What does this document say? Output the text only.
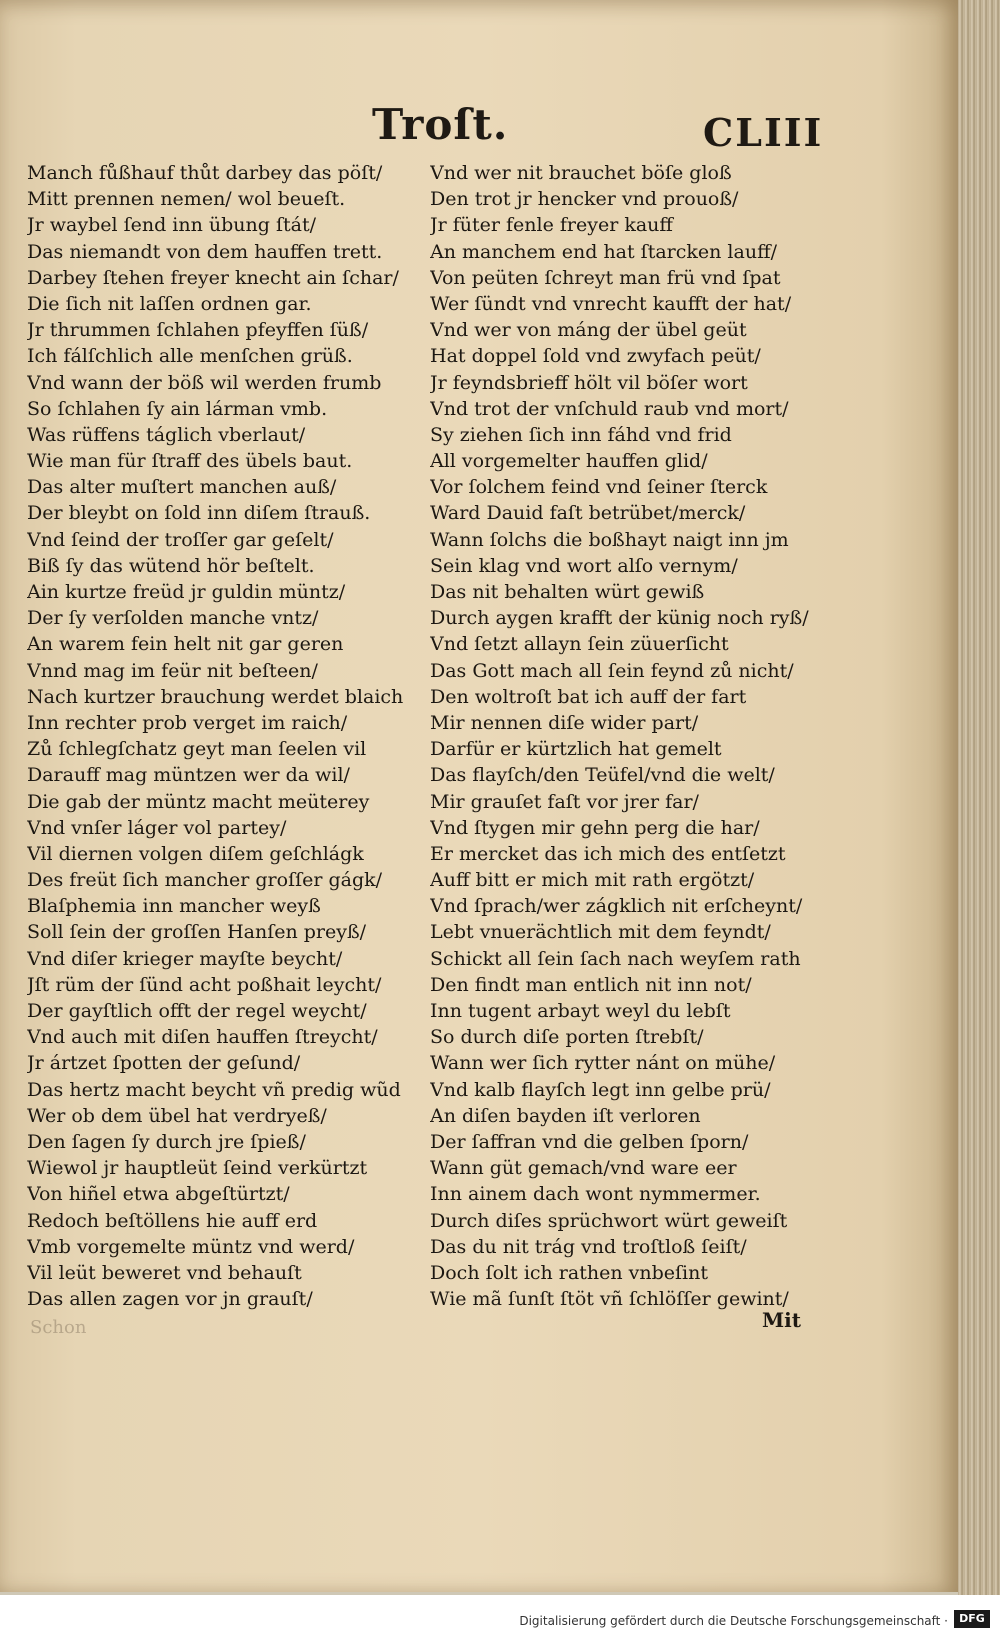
Troſt.	CLIII
Manch fůßhauf thůt darbey das pöſt/
Mitt prennen nemen/ wol beueſt.
Jr waybel ſend inn übung ſtát/
Das niemandt von dem hauffen trett.
Darbey ſtehen freyer knecht ain ſchar/
Die ſich nit laſſen ordnen gar.
Jr thrummen ſchlahen pfeyffen ſüß/
Ich fálſchlich alle menſchen grüß.
Vnd wann der böß wil werden frumb
So ſchlahen ſy ain lárman vmb.
Was rüffens táglich vberlaut/
Wie man für ſtraff des übels baut.
Das alter muſtert manchen auß/
Der bleybt on ſold inn diſem ſtrauß.
Vnd ſeind der troſſer gar geſelt/
Biß ſy das wütend hör beſtelt.
Ain kurtze freüd jr guldin müntz/
Der ſy verſolden manche vntz/
An warem fein helt nit gar geren
Vnnd mag im feür nit beſteen/
Nach kurtzer brauchung werdet blaich
Inn rechter prob verget im raich/
Zů ſchlegſchatz geyt man ſeelen vil
Darauff mag müntzen wer da wil/
Die gab der müntz macht meüterey
Vnd vnſer láger vol partey/
Vil diernen volgen diſem geſchlágk
Des freüt ſich mancher groſſer gágk/
Blaſphemia inn mancher weyß
Soll ſein der groſſen Hanſen preyß/
Vnd diſer krieger mayſte beycht/
Jſt rüm der ſünd acht poßhait leycht/
Der gayſtlich offt der regel weycht/
Vnd auch mit diſen hauffen ſtreycht/
Jr ártzet ſpotten der geſund/
Das hertz macht beycht vñ predig wũd
Wer ob dem übel hat verdryeß/
Den ſagen ſy durch jre ſpieß/
Wiewol jr hauptleüt ſeind verkürtzt
Von hiñel etwa abgeſtürtzt/
Redoch beſtöllens hie auff erd
Vmb vorgemelte müntz vnd werd/
Vil leüt beweret vnd behauſt
Das allen zagen vor jn grauſt/
Vnd wer nit brauchet böſe gloß
Den trot jr hencker vnd prouoß/
Jr füter fenle freyer kauff
An manchem end hat ſtarcken lauff/
Von peüten ſchreyt man frü vnd ſpat
Wer ſündt vnd vnrecht kaufft der hat/
Vnd wer von máng der übel geüt
Hat doppel ſold vnd zwyfach peüt/
Jr feyndsbrieff hölt vil böſer wort
Vnd trot der vnſchuld raub vnd mort/
Sy ziehen ſich inn fáhd vnd frid
All vorgemelter hauffen glid/
Vor ſolchem feind vnd ſeiner ſterck
Ward Dauid faſt betrübet/merck/
Wann ſolchs die boßhayt naigt inn jm
Sein klag vnd wort alſo vernym/
Das nit behalten würt gewiß
Durch aygen krafft der künig noch ryß/
Vnd ſetzt allayn ſein züuerſicht
Das Gott mach all ſein feynd zů nicht/
Den woltroſt bat ich auff der fart
Mir nennen diſe wider part/
Darfür er kürtzlich hat gemelt
Das flayſch/den Teüfel/vnd die welt/
Mir grauſet faſt vor jrer far/
Vnd ſtygen mir gehn perg die har/
Er mercket das ich mich des entſetzt
Auff bitt er mich mit rath ergötzt/
Vnd ſprach/wer zágklich nit erſcheynt/
Lebt vnuerächtlich mit dem feyndt/
Schickt all ſein ſach nach weyſem rath
Den findt man entlich nit inn not/
Inn tugent arbayt weyl du lebſt
So durch diſe porten ſtrebſt/
Wann wer ſich rytter nánt on mühe/
Vnd kalb flayſch legt inn gelbe prü/
An diſen bayden iſt verloren
Der ſaffran vnd die gelben ſporn/
Wann güt gemach/vnd ware eer
Inn ainem dach wont nymmermer.
Durch diſes sprüchwort würt geweiſt
Das du nit trág vnd troſtloß ſeiſt/
Doch ſolt ich rathen vnbeſint
Wie mã ſunſt ſtöt vñ ſchlöſſer gewint/
Schon	Mit
Digitalisierung gefördert durch die Deutsche Forschungsgemeinschaft ·	DFG
